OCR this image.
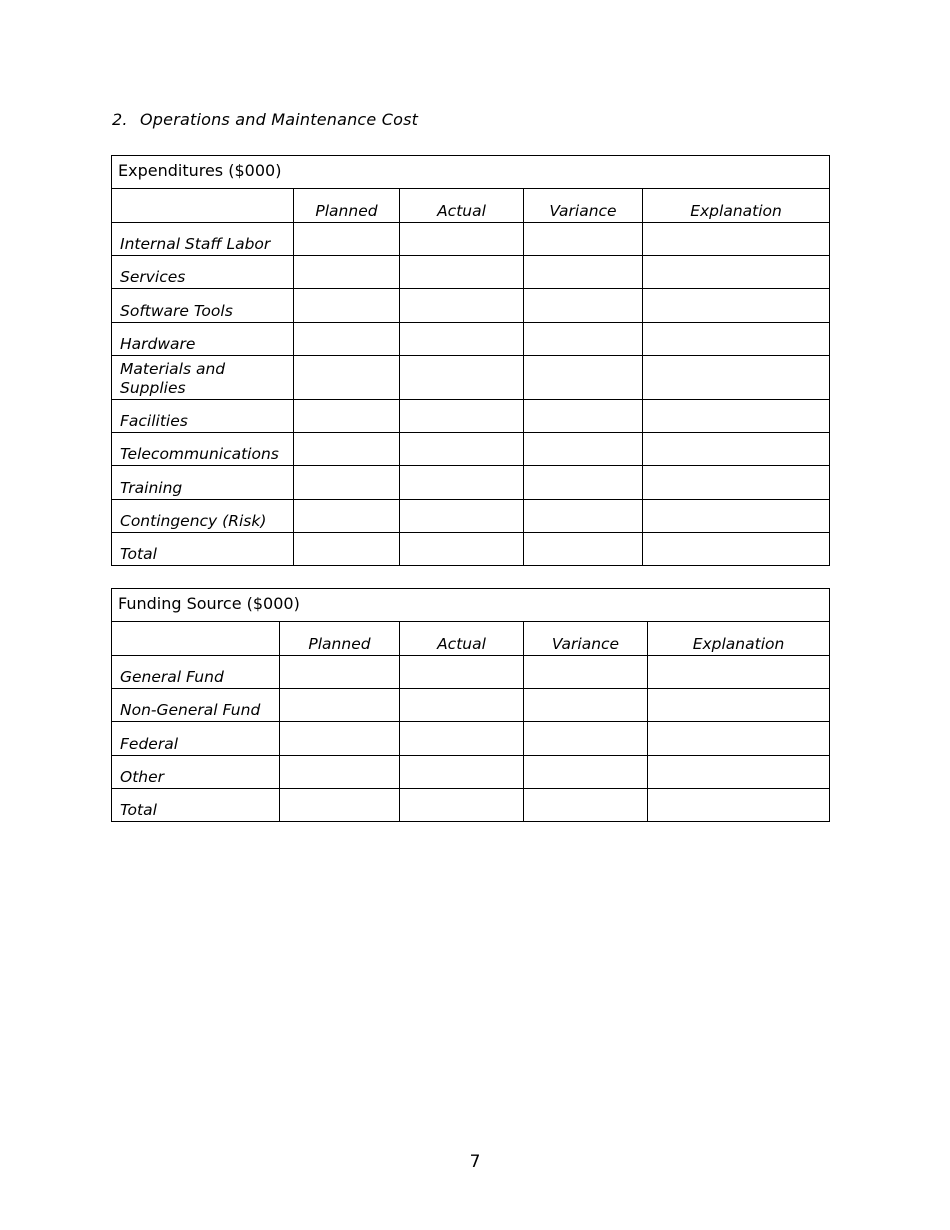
2. Operations and Maintenance Cost
Expenditures ($000)				
	Planned	Actual	Variance	Explanation
Internal Staff Labor				
Services				
Software Tools				
Hardware				
Materials and Supplies				
Facilities				
Telecommunications				
Training				
Contingency (Risk)				
Total				
Funding Source ($000)				
	Planned	Actual	Variance	Explanation
General Fund				
Non-General Fund				
Federal				
Other				
Total				
7
